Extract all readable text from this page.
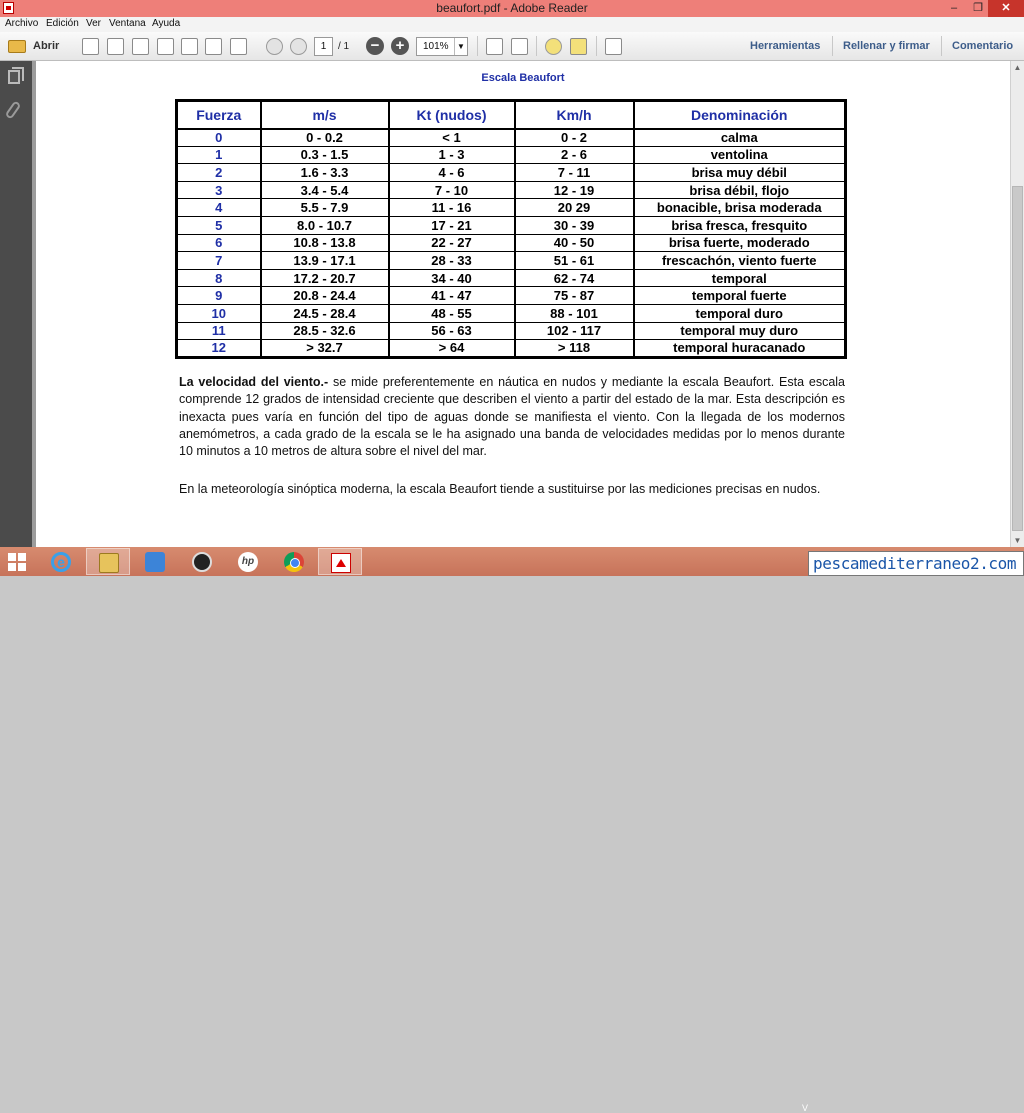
beaufort.pdf - Adobe Reader	‒	❐	✕
Archivo Edición Ver Ventana Ayuda
Abrir	1	/ 1	−	+	101%	▼	Herramientas Rellenar y firmar Comentario
Escala Beaufort
Fuerza	m/s	Kt (nudos)	Km/h	Denominación
0	0 - 0.2	< 1	0 - 2	calma
1	0.3 - 1.5	1 - 3	2 - 6	ventolina
2	1.6 - 3.3	4 - 6	7 - 11	brisa muy débil
3	3.4 - 5.4	7 - 10	12 - 19	brisa débil, flojo
4	5.5 - 7.9	11 - 16	20 29	bonacible, brisa moderada
5	8.0 - 10.7	17 - 21	30 - 39	brisa fresca, fresquito
6	10.8 - 13.8	22 - 27	40 - 50	brisa fuerte, moderado
7	13.9 - 17.1	28 - 33	51 - 61	frescachón, viento fuerte
8	17.2 - 20.7	34 - 40	62 - 74	temporal
9	20.8 - 24.4	41 - 47	75 - 87	temporal fuerte
10	24.5 - 28.4	48 - 55	88 - 101	temporal duro
11	28.5 - 32.6	56 - 63	102 - 117	temporal muy duro
12	> 32.7	> 64	> 118	temporal huracanado

La velocidad del viento.- se mide preferentemente en náutica en nudos y mediante la escala Beaufort. Esta escala comprende 12 grados de intensidad creciente que describen el viento a partir del estado de la mar. Esta descripción es inexacta pues varía en función del tipo de aguas donde se manifiesta el viento. Con la llegada de los modernos anemómetros, a cada grado de la escala se le ha asignado una banda de velocidades medidas por lo menos durante 10 minutos a 10 metros de altura sobre el nivel del mar.

En la meteorología sinóptica moderna, la escala Beaufort tiende a sustituirse por las mediciones precisas en nudos.

▲
▼
e	hp
V
pescamediterraneo2.com
